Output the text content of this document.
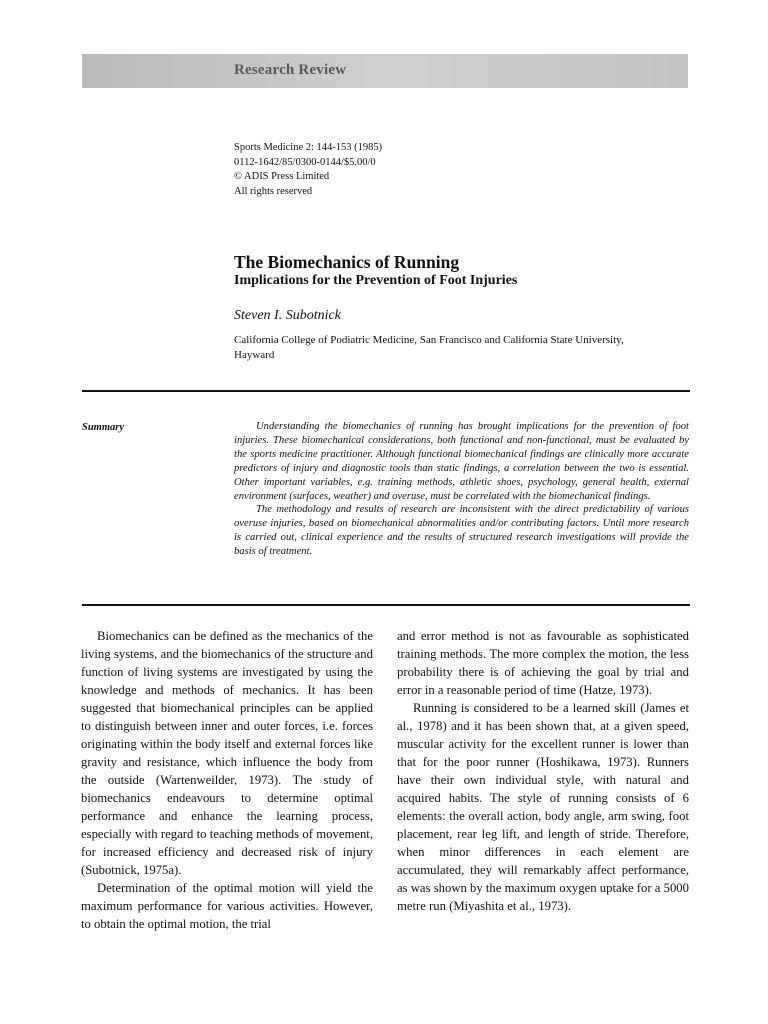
Research Review
Sports Medicine 2: 144-153 (1985)
0112-1642/85/0300-0144/$5.00/0
© ADIS Press Limited
All rights reserved
The Biomechanics of Running
Implications for the Prevention of Foot Injuries
Steven I. Subotnick
California College of Podiatric Medicine, San Francisco and California State University, Hayward
Summary	Understanding the biomechanics of running has brought implications for the prevention of foot injuries. These biomechanical considerations, both functional and non-functional, must be evaluated by the sports medicine practitioner. Although functional biomechanical findings are clinically more accurate predictors of injury and diagnostic tools than static findings, a correlation between the two is essential. Other important variables, e.g. training methods, athletic shoes, psychology, general health, external environment (surfaces, weather) and overuse, must be correlated with the biomechanical findings.

The methodology and results of research are inconsistent with the direct predictability of various overuse injuries, based on biomechanical abnormalities and/or contributing factors. Until more research is carried out, clinical experience and the results of structured research investigations will provide the basis of treatment.

Biomechanics can be defined as the mechanics of the living systems, and the biomechanics of the structure and function of living systems are investigated by using the knowledge and methods of mechanics. It has been suggested that biomechanical principles can be applied to distinguish between inner and outer forces, i.e. forces originating within the body itself and external forces like gravity and resistance, which influence the body from the outside (Wartenweilder, 1973). The study of biomechanics endeavours to determine optimal performance and enhance the learning process, especially with regard to teaching methods of movement, for increased efficiency and decreased risk of injury (Subotnick, 1975a).

Determination of the optimal motion will yield the maximum performance for various activities. However, to obtain the optimal motion, the trial

and error method is not as favourable as sophisticated training methods. The more complex the motion, the less probability there is of achieving the goal by trial and error in a reasonable period of time (Hatze, 1973).

Running is considered to be a learned skill (James et al., 1978) and it has been shown that, at a given speed, muscular activity for the excellent runner is lower than that for the poor runner (Hoshikawa, 1973). Runners have their own individual style, with natural and acquired habits. The style of running consists of 6 elements: the overall action, body angle, arm swing, foot placement, rear leg lift, and length of stride. Therefore, when minor differences in each element are accumulated, they will remarkably affect performance, as was shown by the maximum oxygen uptake for a 5000 metre run (Miyashita et al., 1973).
